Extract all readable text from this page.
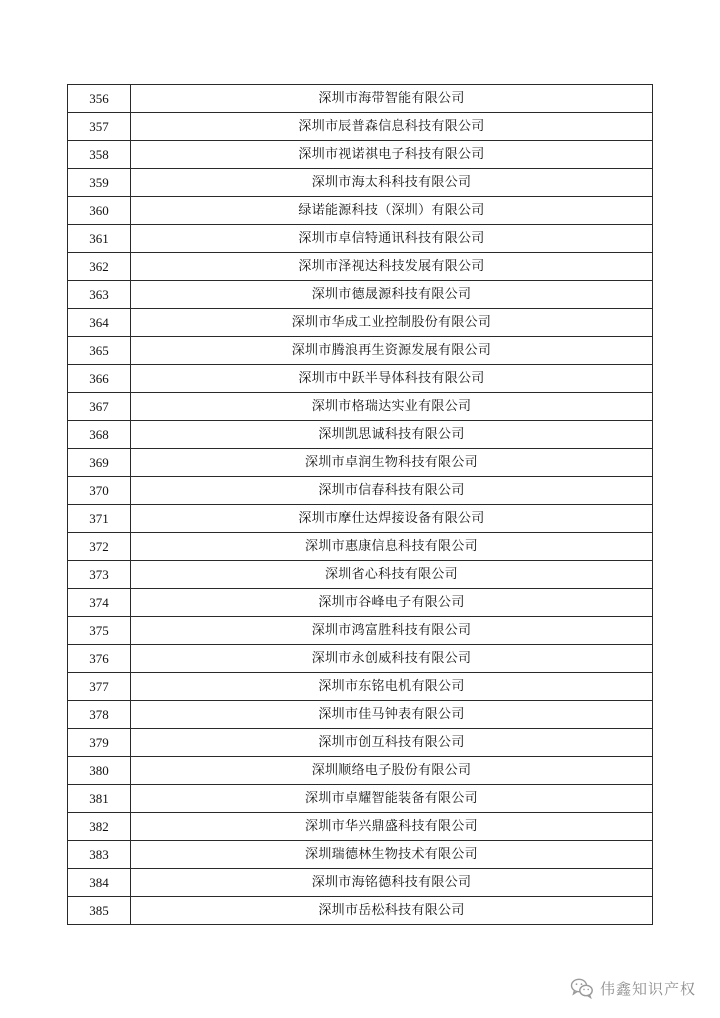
356	深圳市海带智能有限公司
357	深圳市辰普森信息科技有限公司
358	深圳市视诺祺电子科技有限公司
359	深圳市海太科科技有限公司
360	绿诺能源科技（深圳）有限公司
361	深圳市卓信特通讯科技有限公司
362	深圳市泽视达科技发展有限公司
363	深圳市德晟源科技有限公司
364	深圳市华成工业控制股份有限公司
365	深圳市腾浪再生资源发展有限公司
366	深圳市中跃半导体科技有限公司
367	深圳市格瑞达实业有限公司
368	深圳凯思诚科技有限公司
369	深圳市卓润生物科技有限公司
370	深圳市信春科技有限公司
371	深圳市摩仕达焊接设备有限公司
372	深圳市惠康信息科技有限公司
373	深圳省心科技有限公司
374	深圳市谷峰电子有限公司
375	深圳市鸿富胜科技有限公司
376	深圳市永创威科技有限公司
377	深圳市东铭电机有限公司
378	深圳市佳马钟表有限公司
379	深圳市创互科技有限公司
380	深圳顺络电子股份有限公司
381	深圳市卓耀智能装备有限公司
382	深圳市华兴鼎盛科技有限公司
383	深圳瑞德林生物技术有限公司
384	深圳市海铭德科技有限公司
385	深圳市岳松科技有限公司
伟鑫知识产权
